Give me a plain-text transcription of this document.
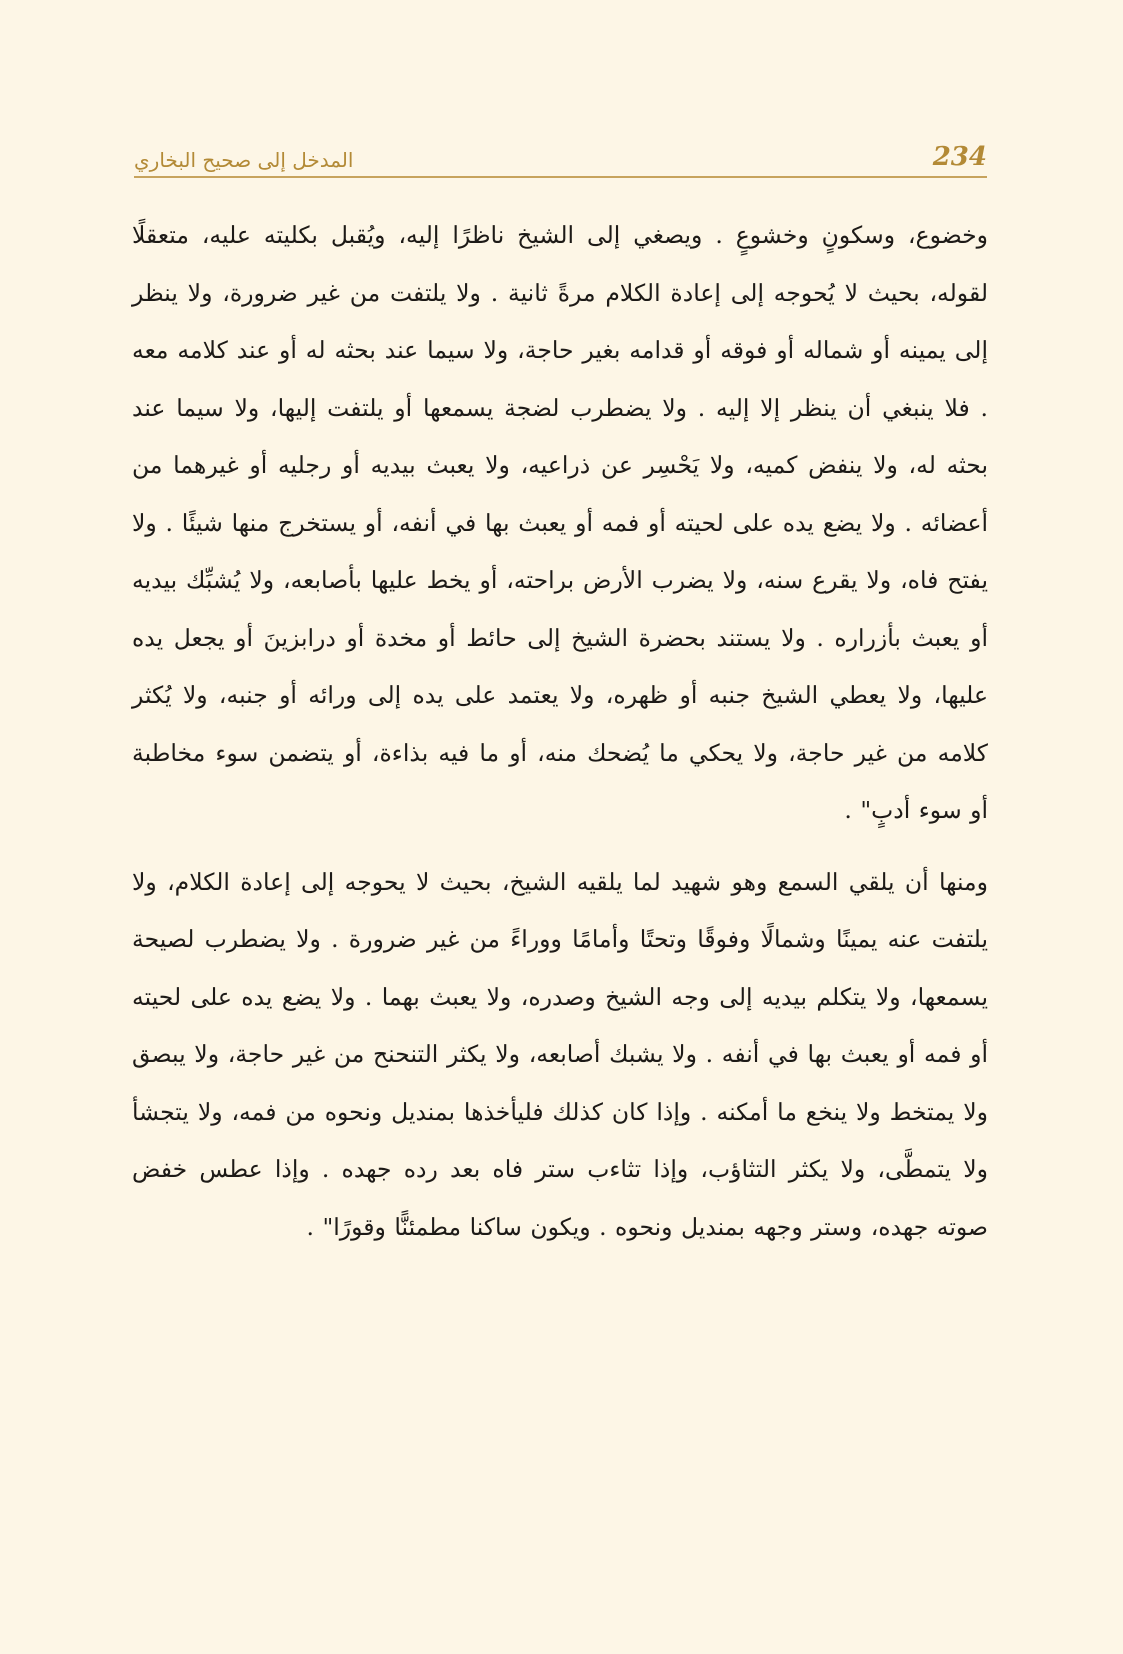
234
المدخل إلى صحيح البخاري

وخضوع، وسكونٍ وخشوعٍ . ويصغي إلى الشيخ ناظرًا إليه، ويُقبل بكليته عليه، متعقلًا لقوله، بحيث لا يُحوجه إلى إعادة الكلام مرةً ثانية . ولا يلتفت من غير ضرورة، ولا ينظر إلى يمينه أو شماله أو فوقه أو قدامه بغير حاجة، ولا سيما عند بحثه له أو عند كلامه معه . فلا ينبغي أن ينظر إلا إليه . ولا يضطرب لضجة يسمعها أو يلتفت إليها، ولا سيما عند بحثه له، ولا ينفض كميه، ولا يَحْسِر عن ذراعيه، ولا يعبث بيديه أو رجليه أو غيرهما من أعضائه . ولا يضع يده على لحيته أو فمه أو يعبث بها في أنفه، أو يستخرج منها شيئًا . ولا يفتح فاه، ولا يقرع سنه، ولا يضرب الأرض براحته، أو يخط عليها بأصابعه، ولا يُشبِّك بيديه أو يعبث بأزراره . ولا يستند بحضرة الشيخ إلى حائط أو مخدة أو درابزينَ أو يجعل يده عليها، ولا يعطي الشيخ جنبه أو ظهره، ولا يعتمد على يده إلى ورائه أو جنبه، ولا يُكثر كلامه من غير حاجة، ولا يحكي ما يُضحك منه، أو ما فيه بذاءة، أو يتضمن سوء مخاطبة أو سوء أدبٍ" .

ومنها أن يلقي السمع وهو شهيد لما يلقيه الشيخ، بحيث لا يحوجه إلى إعادة الكلام، ولا يلتفت عنه يمينًا وشمالًا وفوقًا وتحتًا وأمامًا ووراءً من غير ضرورة . ولا يضطرب لصيحة يسمعها، ولا يتكلم بيديه إلى وجه الشيخ وصدره، ولا يعبث بهما . ولا يضع يده على لحيته أو فمه أو يعبث بها في أنفه . ولا يشبك أصابعه، ولا يكثر التنحنح من غير حاجة، ولا يبصق ولا يمتخط ولا ينخع ما أمكنه . وإذا كان كذلك فليأخذها بمنديل ونحوه من فمه، ولا يتجشأ ولا يتمطَّى، ولا يكثر التثاؤب، وإذا تثاءب ستر فاه بعد رده جهده . وإذا عطس خفض صوته جهده، وستر وجهه بمنديل ونحوه . ويكون ساكنا مطمئنًّا وقورًا" .
